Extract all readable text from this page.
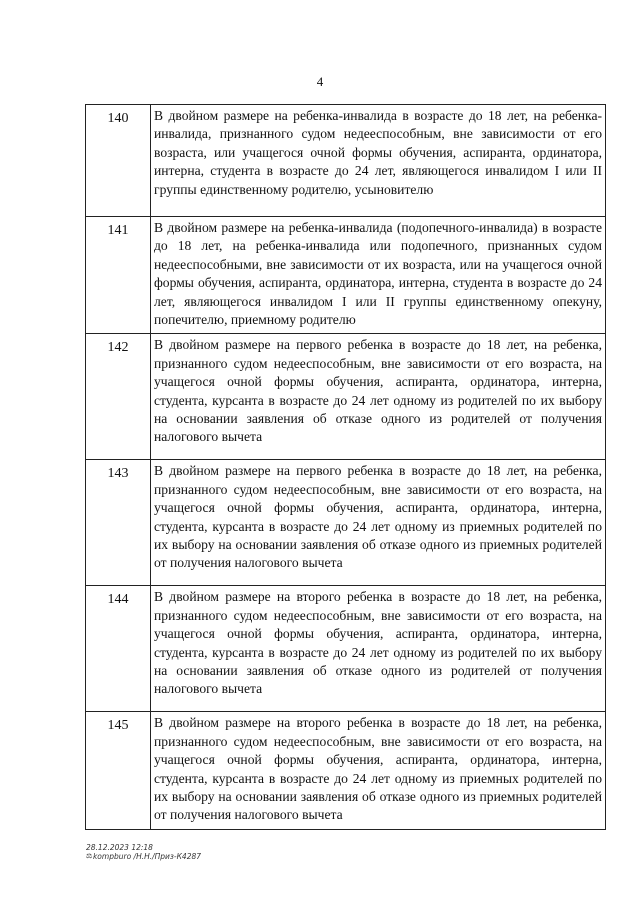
4
140	В двойном размере на ребенка-инвалида в возрасте до 18 лет, на ребенка-инвалида, признанного судом недееспособным, вне зависимости от его возраста, или учащегося очной формы обучения, аспиранта, ординатора, интерна, студента в возрасте до 24 лет, являющегося инвалидом I или II группы единственному родителю, усыновителю
141	В двойном размере на ребенка-инвалида (подопечного-инвалида) в возрасте до 18 лет, на ребенка-инвалида или подопечного, признанных судом недееспособными, вне зависимости от их возраста, или на учащегося очной формы обучения, аспиранта, ординатора, интерна, студента в возрасте до 24 лет, являющегося инвалидом I или II группы единственному опекуну, попечителю, приемному родителю
142	В двойном размере на первого ребенка в возрасте до 18 лет, на ребенка, признанного судом недееспособным, вне зависимости от его возраста, на учащегося очной формы обучения, аспиранта, ординатора, интерна, студента, курсанта в возрасте до 24 лет одному из родителей по их выбору на основании заявления об отказе одного из родителей от получения налогового вычета
143	В двойном размере на первого ребенка в возрасте до 18 лет, на ребенка, признанного судом недееспособным, вне зависимости от его возраста, на учащегося очной формы обучения, аспиранта, ординатора, интерна, студента, курсанта в возрасте до 24 лет одному из приемных родителей по их выбору на основании заявления об отказе одного из приемных родителей от получения налогового вычета
144	В двойном размере на второго ребенка в возрасте до 18 лет, на ребенка, признанного судом недееспособным, вне зависимости от его возраста, на учащегося очной формы обучения, аспиранта, ординатора, интерна, студента, курсанта в возрасте до 24 лет одному из родителей по их выбору на основании заявления об отказе одного из родителей от получения налогового вычета
145	В двойном размере на второго ребенка в возрасте до 18 лет, на ребенка, признанного судом недееспособным, вне зависимости от его возраста, на учащегося очной формы обучения, аспиранта, ординатора, интерна, студента, курсанта в возрасте до 24 лет одному из приемных родителей по их выбору на основании заявления об отказе одного из приемных родителей от получения налогового вычета
28.12.2023 12:18
⚖ kompburo /Н.Н./Приз-К4287
